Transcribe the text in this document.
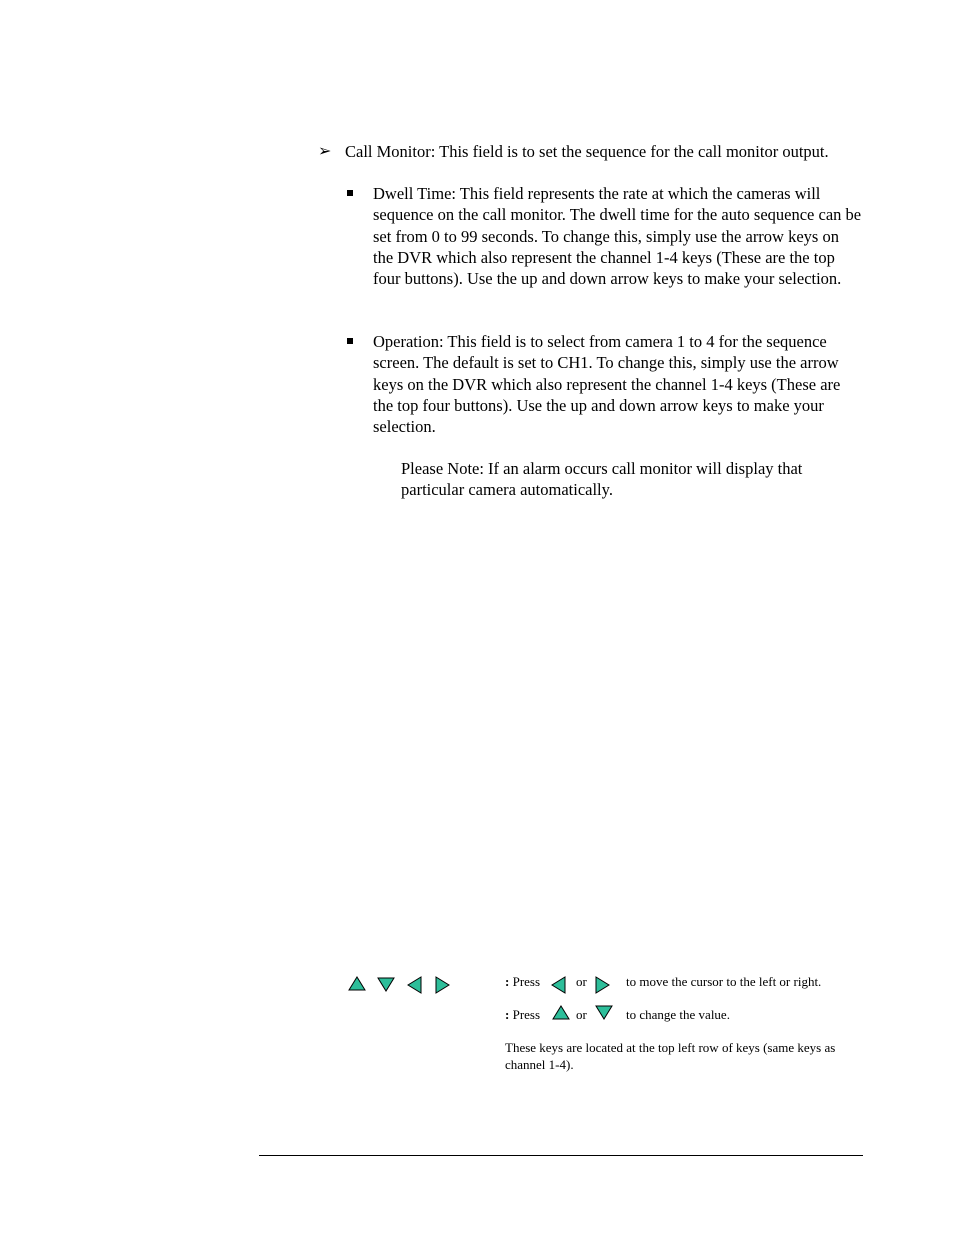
➢ Call Monitor: This field is to set the sequence for the call monitor output.
Dwell Time: This field represents the rate at which the cameras will sequence on the call monitor. The dwell time for the auto sequence can be set from 0 to 99 seconds. To change this, simply use the arrow keys on the DVR which also represent the channel 1-4 keys (These are the top four buttons). Use the up and down arrow keys to make your selection.
Operation: This field is to select from camera 1 to 4 for the sequence screen. The default is set to CH1. To change this, simply use the arrow keys on the DVR which also represent the channel 1-4 keys (These are the top four buttons). Use the up and down arrow keys to make your selection.
Please Note: If an alarm occurs call monitor will display that particular camera automatically.
: Press	or	to move the cursor to the left or right.
: Press	or	to change the value.
These keys are located at the top left row of keys (same keys as channel 1-4).
